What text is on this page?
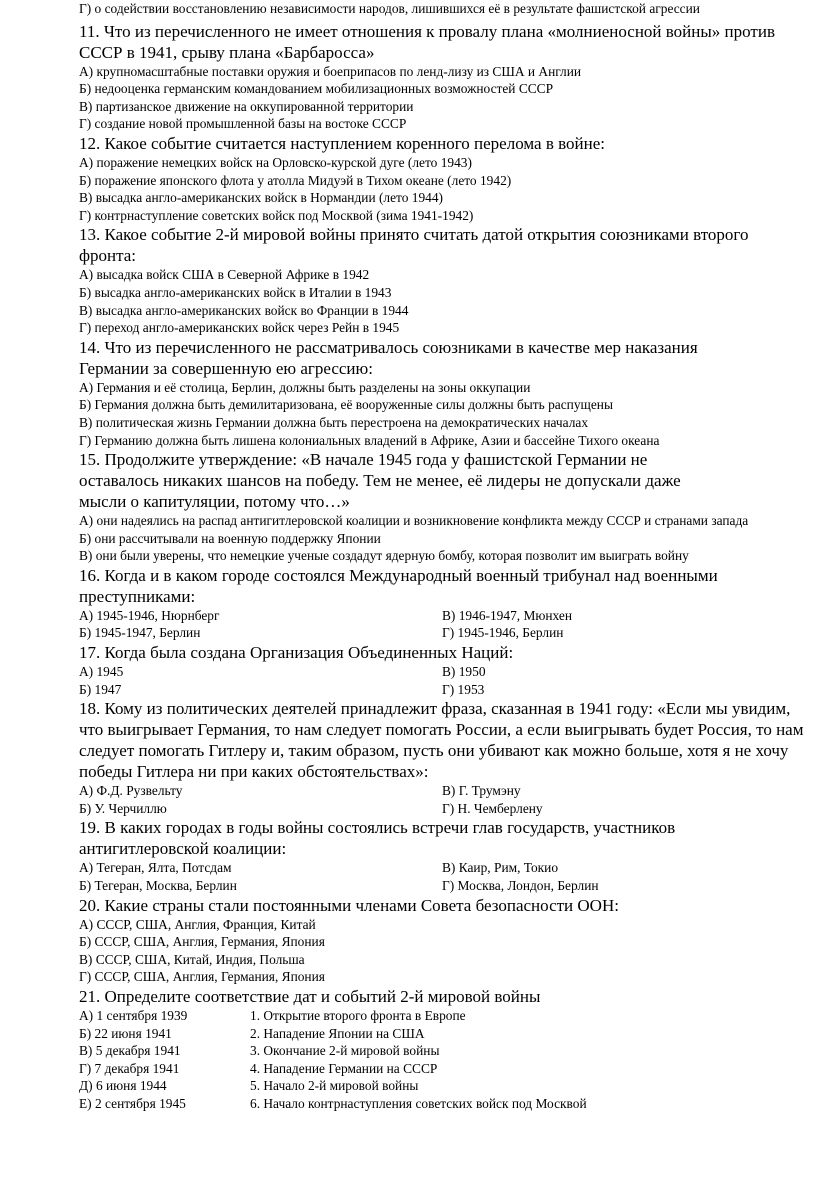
Г) о содействии восстановлению независимости народов, лишившихся её в результате фашистской агрессии

11. Что из перечисленного не имеет отношения к провалу плана «молниеносной войны» против СССР в 1941, срыву плана «Барбаросса»

А) крупномасштабные поставки оружия и боеприпасов по ленд-лизу из США и Англии

Б) недооценка германским командованием мобилизационных возможностей СССР

В) партизанское движение на оккупированной территории

Г) создание новой промышленной базы на востоке СССР

12. Какое событие считается наступлением коренного перелома в войне:

А) поражение немецких войск на Орловско-курской дуге (лето 1943)

Б) поражение японского флота у атолла Мидуэй в Тихом океане (лето 1942)

В) высадка англо-американских войск в Нормандии (лето 1944)

Г) контрнаступление советских войск под Москвой (зима 1941-1942)

13. Какое событие 2-й мировой войны принято считать датой открытия союзниками второго фронта:

А) высадка войск США в Северной Африке в 1942

Б) высадка англо-американских войск в Италии в 1943

В) высадка англо-американских войск во Франции в 1944

Г) переход англо-американских войск через Рейн в 1945

14. Что из перечисленного не рассматривалось союзниками в качестве мер наказания Германии за совершенную ею агрессию:

А) Германия и её столица, Берлин, должны быть разделены на зоны оккупации

Б) Германия должна быть демилитаризована, её вооруженные силы должны быть распущены

В) политическая жизнь Германии должна быть перестроена на демократических началах

Г) Германию должна быть лишена колониальных владений в Африке, Азии и бассейне Тихого океана

15. Продолжите утверждение: «В начале 1945 года у фашистской Германии не оставалось никаких шансов на победу. Тем не менее, её лидеры не допускали даже мысли о капитуляции, потому что…»

А) они надеялись на распад антигитлеровской коалиции и возникновение конфликта между СССР и странами запада

Б) они рассчитывали на военную поддержку Японии

В) они были уверены, что немецкие ученые создадут ядерную бомбу, которая позволит им выиграть войну

16. Когда и в каком городе состоялся Международный военный трибунал над военными преступниками:

А) 1945-1946, Нюрнберг	В) 1946-1947, Мюнхен

Б) 1945-1947, Берлин	Г) 1945-1946, Берлин

17. Когда была создана Организация Объединенных Наций:

А) 1945	В) 1950

Б) 1947	Г) 1953

18. Кому из политических деятелей принадлежит фраза, сказанная в 1941 году: «Если мы увидим, что выигрывает Германия, то нам следует помогать России, а если выигрывать будет Россия, то нам следует помогать Гитлеру и, таким образом, пусть они убивают как можно больше, хотя я не хочу победы Гитлера ни при каких обстоятельствах»:

А) Ф.Д. Рузвельту	В) Г. Трумэну

Б) У. Черчиллю	Г) Н. Чемберлену

19. В каких городах в годы войны состоялись встречи глав государств, участников антигитлеровской коалиции:

А) Тегеран, Ялта, Потсдам	В) Каир, Рим, Токио

Б) Тегеран, Москва, Берлин	Г) Москва, Лондон, Берлин

20. Какие страны стали постоянными членами Совета безопасности ООН:

А) СССР, США, Англия, Франция, Китай

Б) СССР, США, Англия, Германия, Япония

В) СССР, США, Китай, Индия, Польша

Г) СССР, США, Англия, Германия, Япония

21. Определите соответствие дат и событий 2-й мировой войны

А) 1 сентября 1939	1. Открытие второго фронта в Европе

Б) 22 июня 1941	2. Нападение Японии на США

В) 5 декабря 1941	3. Окончание 2-й мировой войны

Г) 7 декабря 1941	4. Нападение Германии на СССР

Д) 6 июня 1944	5. Начало 2-й мировой войны

Е) 2 сентября 1945	6. Начало контрнаступления советских войск под Москвой
